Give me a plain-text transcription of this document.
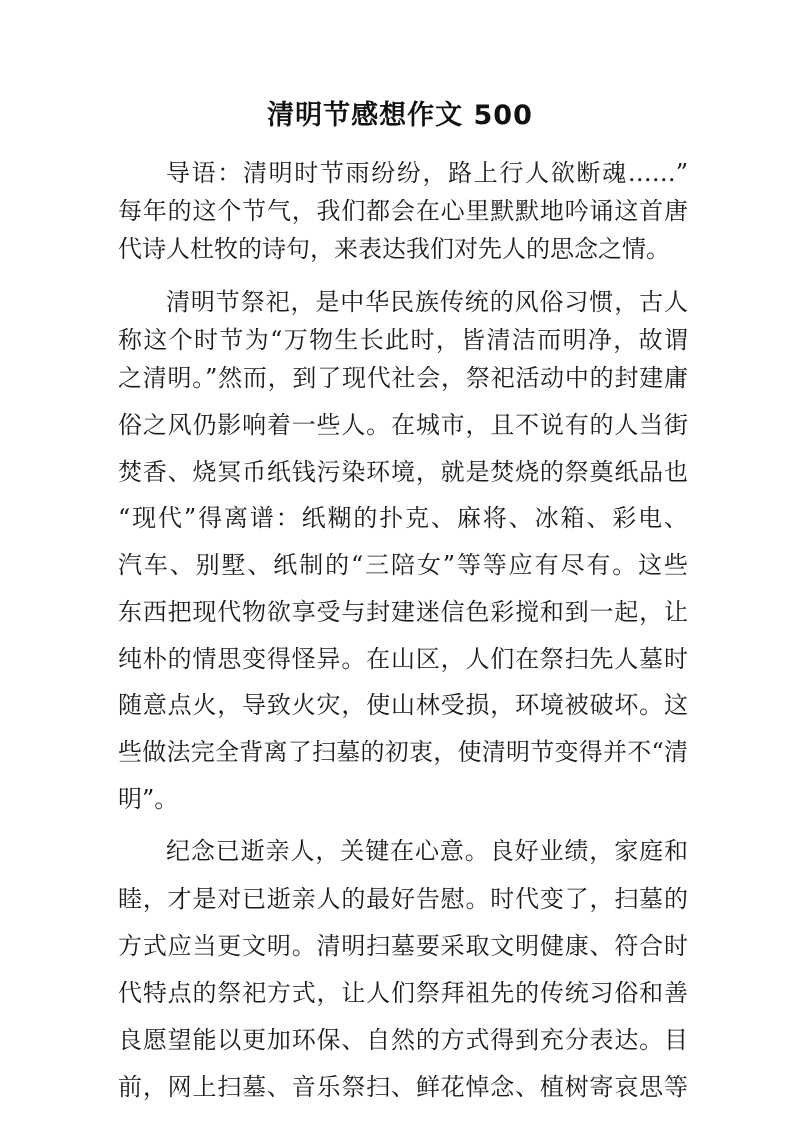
清明节感想作文 500
导语：清明时节雨纷纷，路上行人欲断魂……”
每年的这个节气，我们都会在心里默默地吟诵这首唐
代诗人杜牧的诗句，来表达我们对先人的思念之情。
清明节祭祀，是中华民族传统的风俗习惯，古人
称这个时节为“万物生长此时，皆清洁而明净，故谓
之清明。”然而，到了现代社会，祭祀活动中的封建庸
俗之风仍影响着一些人。在城市，且不说有的人当街
焚香、烧冥币纸钱污染环境，就是焚烧的祭奠纸品也
“现代”得离谱：纸糊的扑克、麻将、冰箱、彩电、
汽车、别墅、纸制的“三陪女”等等应有尽有。这些
东西把现代物欲享受与封建迷信色彩搅和到一起，让
纯朴的情思变得怪异。在山区，人们在祭扫先人墓时
随意点火，导致火灾，使山林受损，环境被破坏。这
些做法完全背离了扫墓的初衷，使清明节变得并不“清
明”。
纪念已逝亲人，关键在心意。良好业绩，家庭和
睦，才是对已逝亲人的最好告慰。时代变了，扫墓的
方式应当更文明。清明扫墓要采取文明健康、符合时
代特点的祭祀方式，让人们祭拜祖先的传统习俗和善
良愿望能以更加环保、自然的方式得到充分表达。目
前，网上扫墓、音乐祭扫、鲜花悼念、植树寄哀思等
